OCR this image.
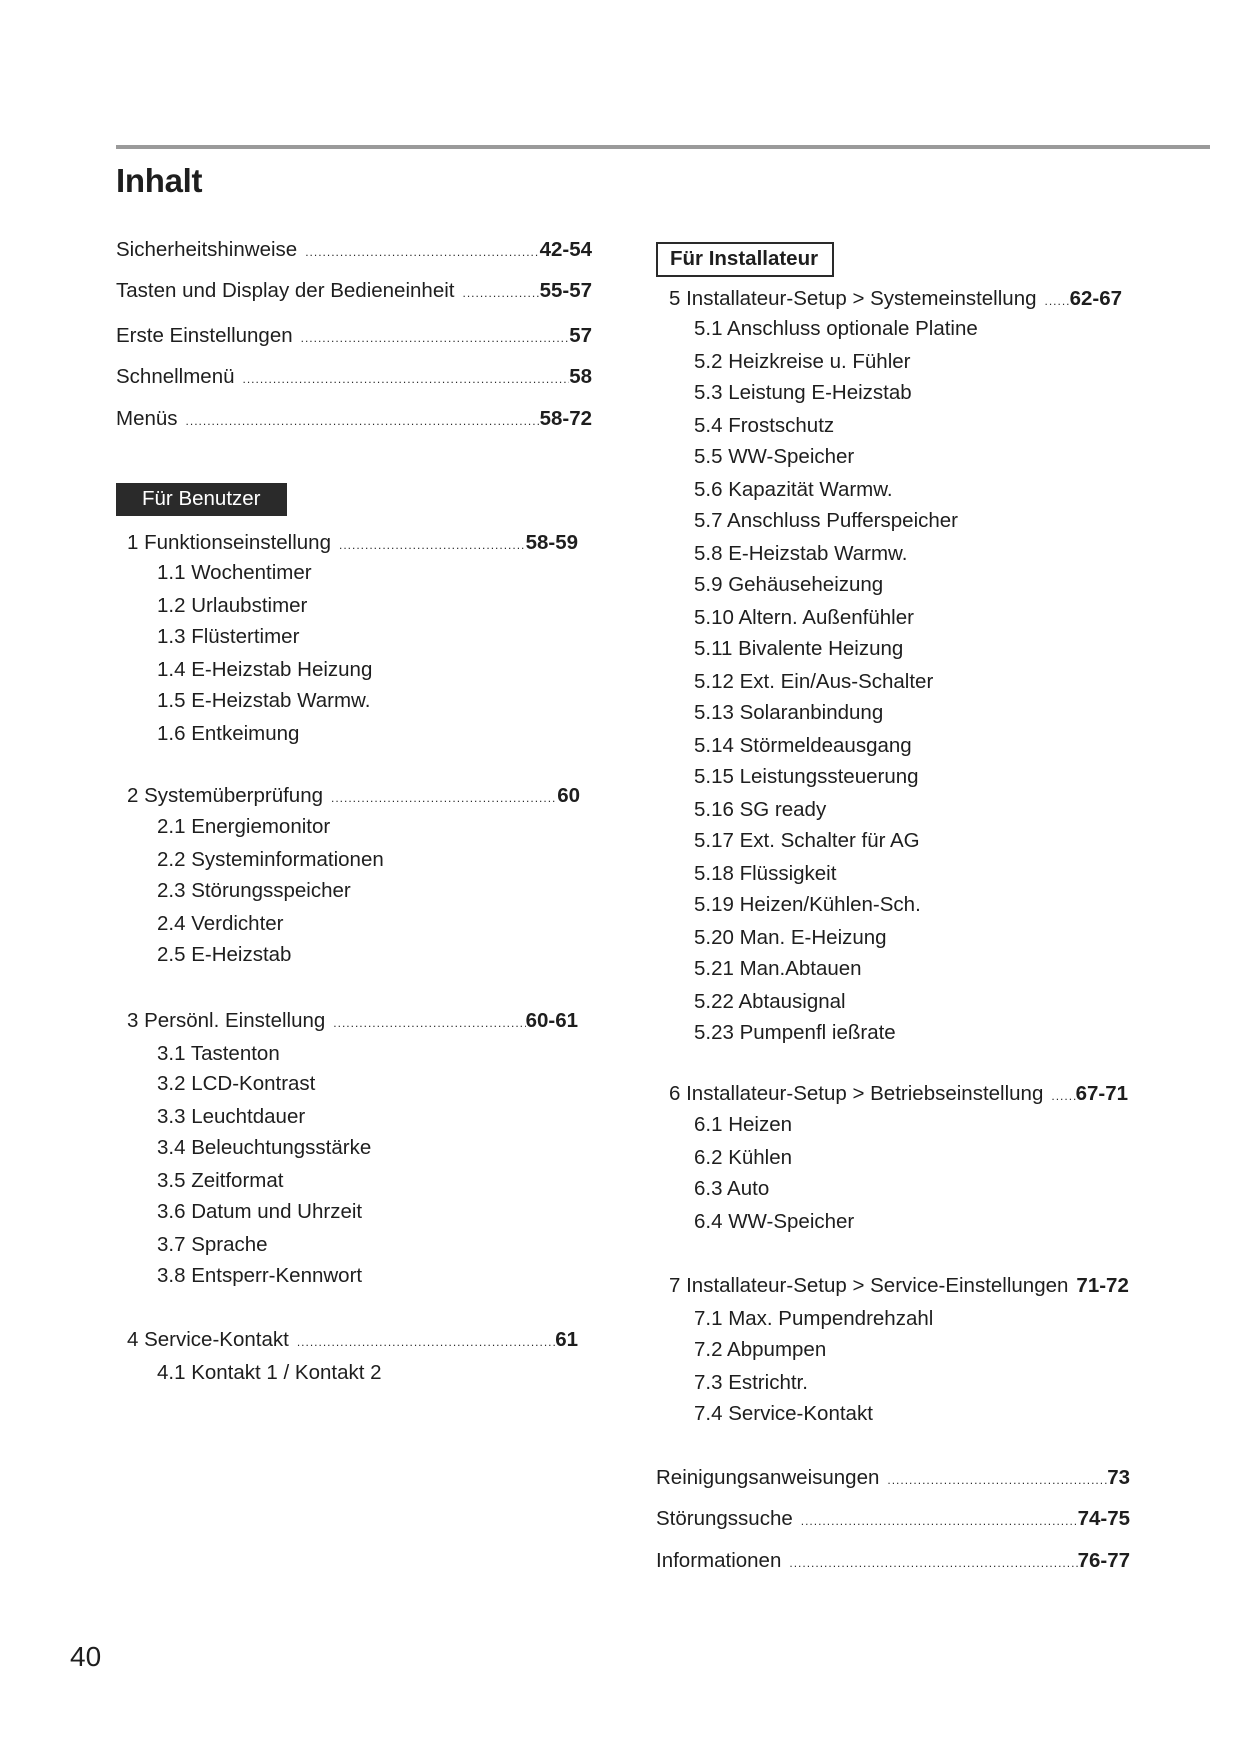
Inhalt
Sicherheitshinweise .....	42-54
Tasten und Display der Bedieneinheit .....	55-57
Erste Einstellungen .....	57
Schnellmenü .....	58
Menüs .....	58-72
Für Benutzer
1 Funktionseinstellung .....	58-59
1.1 Wochentimer
1.2 Urlaubstimer
1.3 Flüstertimer
1.4 E-Heizstab Heizung
1.5 E-Heizstab Warmw.
1.6 Entkeimung
2 Systemüberprüfung .....	60
2.1 Energiemonitor
2.2 Systeminformationen
2.3 Störungsspeicher
2.4 Verdichter
2.5 E-Heizstab
3 Persönl. Einstellung .....	60-61
3.1 Tastenton
3.2 LCD-Kontrast
3.3 Leuchtdauer
3.4 Beleuchtungsstärke
3.5 Zeitformat
3.6 Datum und Uhrzeit
3.7 Sprache
3.8 Entsperr-Kennwort
4 Service-Kontakt .....	61
4.1 Kontakt 1 / Kontakt 2
Für Installateur
5 Installateur-Setup > Systemeinstellung .....	62-67
5.1 Anschluss optionale Platine
5.2 Heizkreise u. Fühler
5.3 Leistung E-Heizstab
5.4 Frostschutz
5.5 WW-Speicher
5.6 Kapazität Warmw.
5.7 Anschluss Pufferspeicher
5.8 E-Heizstab Warmw.
5.9 Gehäuseheizung
5.10 Altern. Außenfühler
5.11 Bivalente Heizung
5.12 Ext. Ein/Aus-Schalter
5.13 Solaranbindung
5.14 Störmeldeausgang
5.15 Leistungssteuerung
5.16 SG ready
5.17 Ext. Schalter für AG
5.18 Flüssigkeit
5.19 Heizen/Kühlen-Sch.
5.20 Man. E-Heizung
5.21 Man.Abtauen
5.22 Abtausignal
5.23 Pumpenfl ießrate
6 Installateur-Setup > Betriebseinstellung .....	67-71
6.1 Heizen
6.2 Kühlen
6.3 Auto
6.4 WW-Speicher
7 Installateur-Setup > Service-Einstellungen 71-72
7.1 Max. Pumpendrehzahl
7.2 Abpumpen
7.3 Estrichtr.
7.4 Service-Kontakt
Reinigungsanweisungen .....	73
Störungssuche .....	74-75
Informationen .....	76-77
40
